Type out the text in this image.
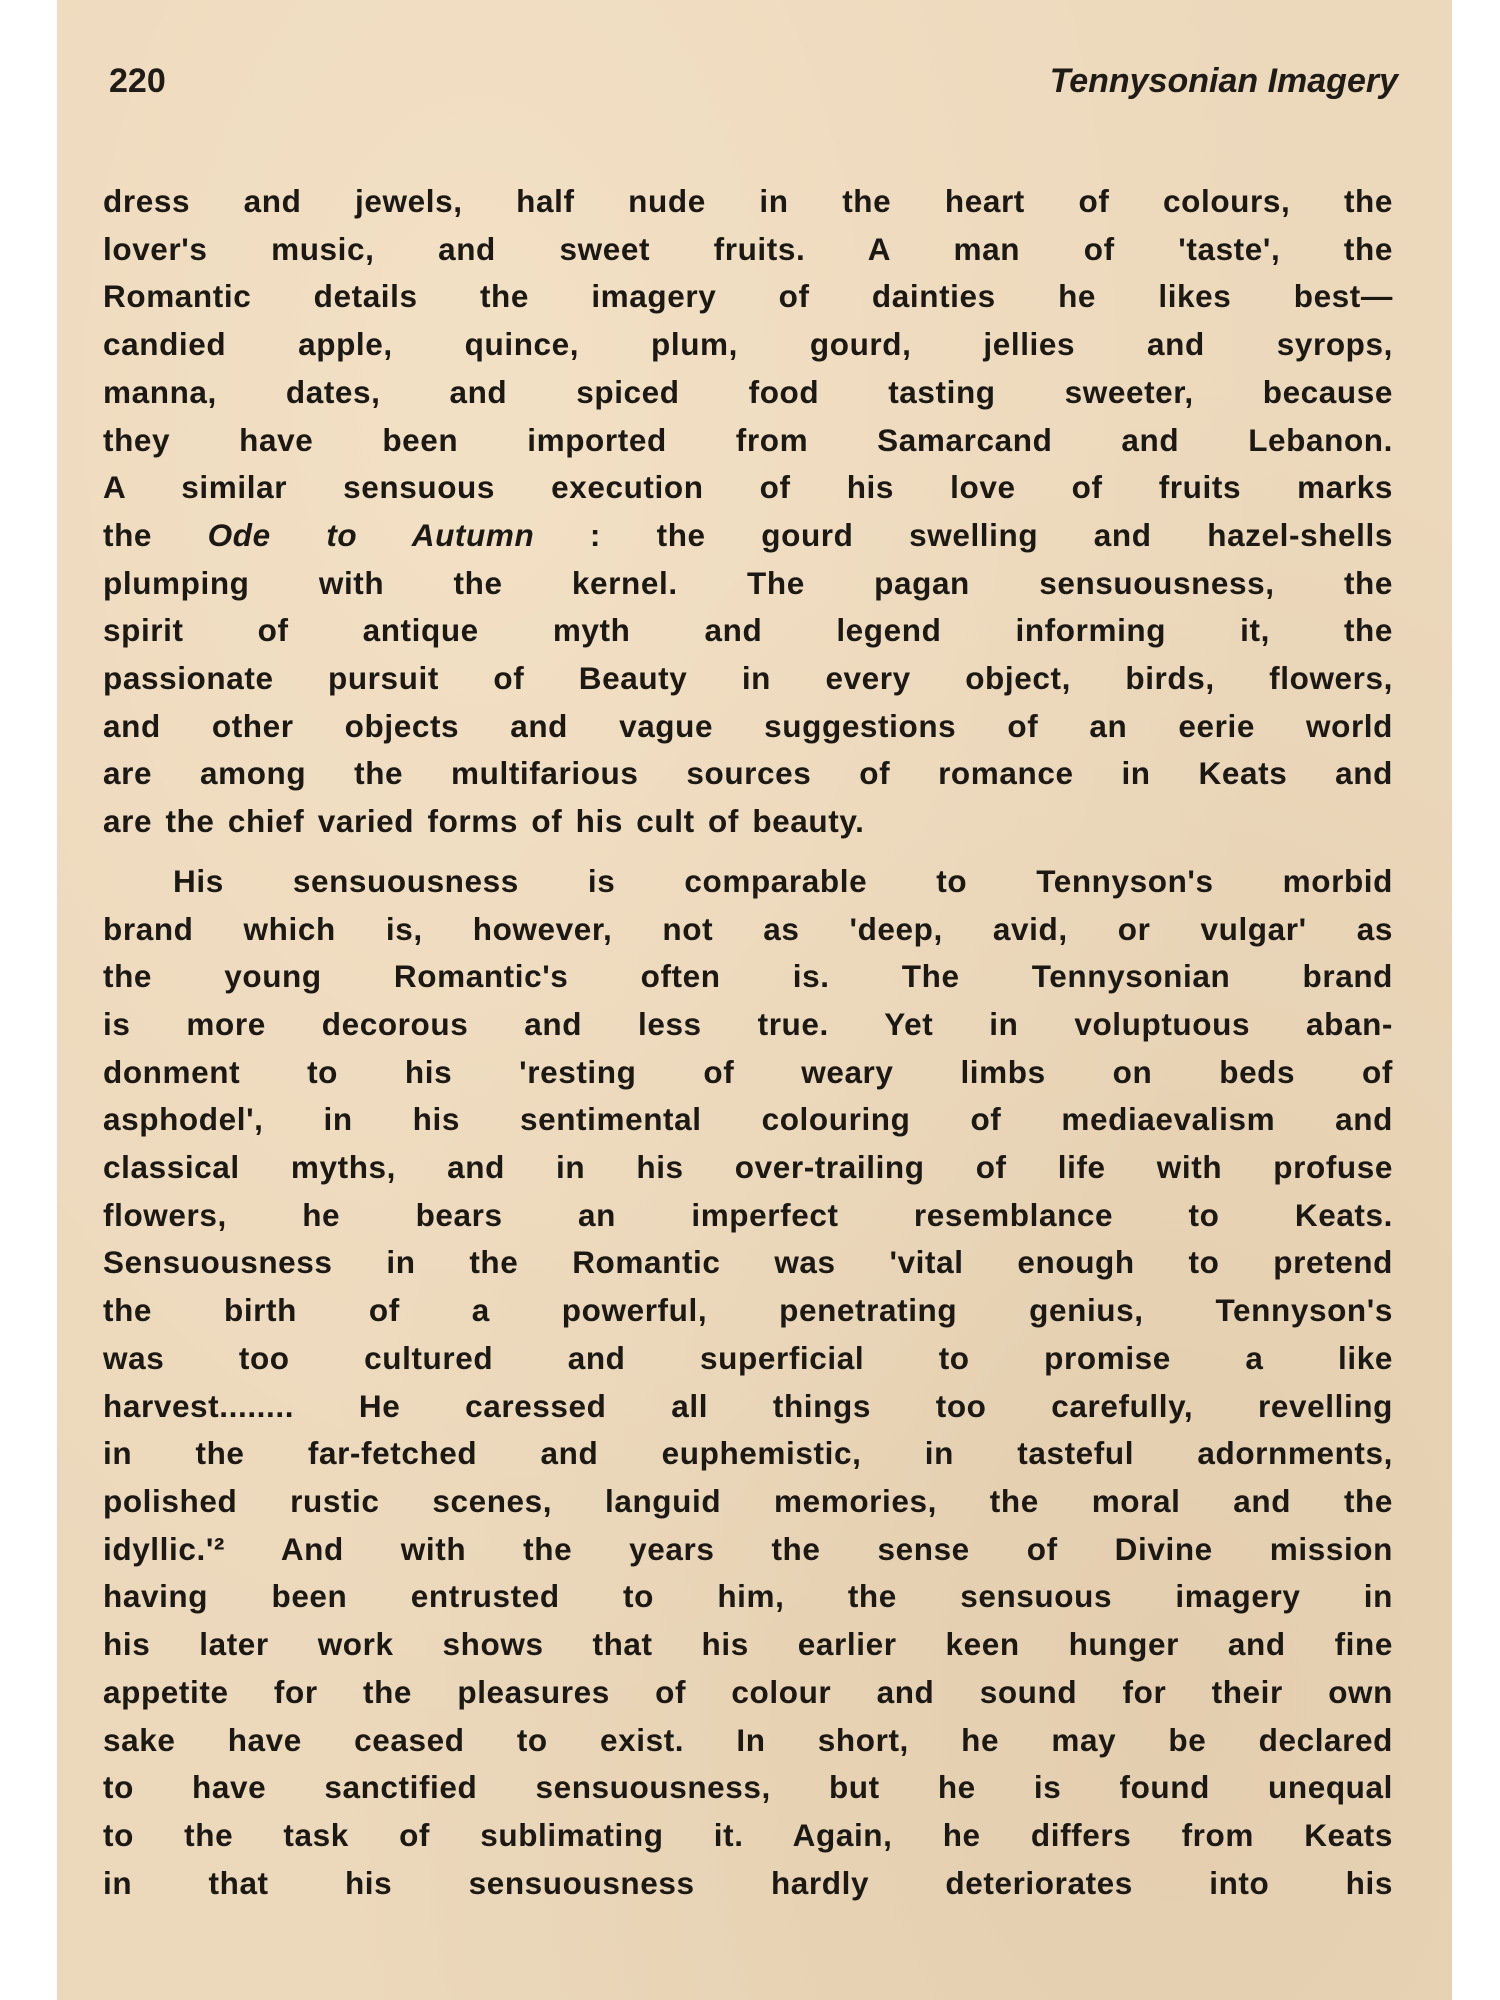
220	Tennysonian Imagery

dress and jewels, half nude in the heart of colours, the
lover's music, and sweet fruits. A man of 'taste', the
Romantic details the imagery of dainties he likes best—
candied apple, quince, plum, gourd, jellies and syrops,
manna, dates, and spiced food tasting sweeter, because
they have been imported from Samarcand and Lebanon.
A similar sensuous execution of his love of fruits marks
the Ode to Autumn : the gourd swelling and hazel-shells
plumping with the kernel. The pagan sensuousness, the
spirit of antique myth and legend informing it, the
passionate pursuit of Beauty in every object, birds, flowers,
and other objects and vague suggestions of an eerie world
are among the multifarious sources of romance in Keats and
are the chief varied forms of his cult of beauty.

His sensuousness is comparable to Tennyson's morbid
brand which is, however, not as 'deep, avid, or vulgar' as
the young Romantic's often is. The Tennysonian brand
is more decorous and less true. Yet in voluptuous aban-
donment to his 'resting of weary limbs on beds of
asphodel', in his sentimental colouring of mediaevalism and
classical myths, and in his over-trailing of life with profuse
flowers, he bears an imperfect resemblance to Keats.
Sensuousness in the Romantic was 'vital enough to pretend
the birth of a powerful, penetrating genius, Tennyson's
was too cultured and superficial to promise a like
harvest........ He caressed all things too carefully, revelling
in the far-fetched and euphemistic, in tasteful adornments,
polished rustic scenes, languid memories, the moral and the
idyllic.'² And with the years the sense of Divine mission
having been entrusted to him, the sensuous imagery in
his later work shows that his earlier keen hunger and fine
appetite for the pleasures of colour and sound for their own
sake have ceased to exist. In short, he may be declared
to have sanctified sensuousness, but he is found unequal
to the task of sublimating it. Again, he differs from Keats
in that his sensuousness hardly deteriorates into his
